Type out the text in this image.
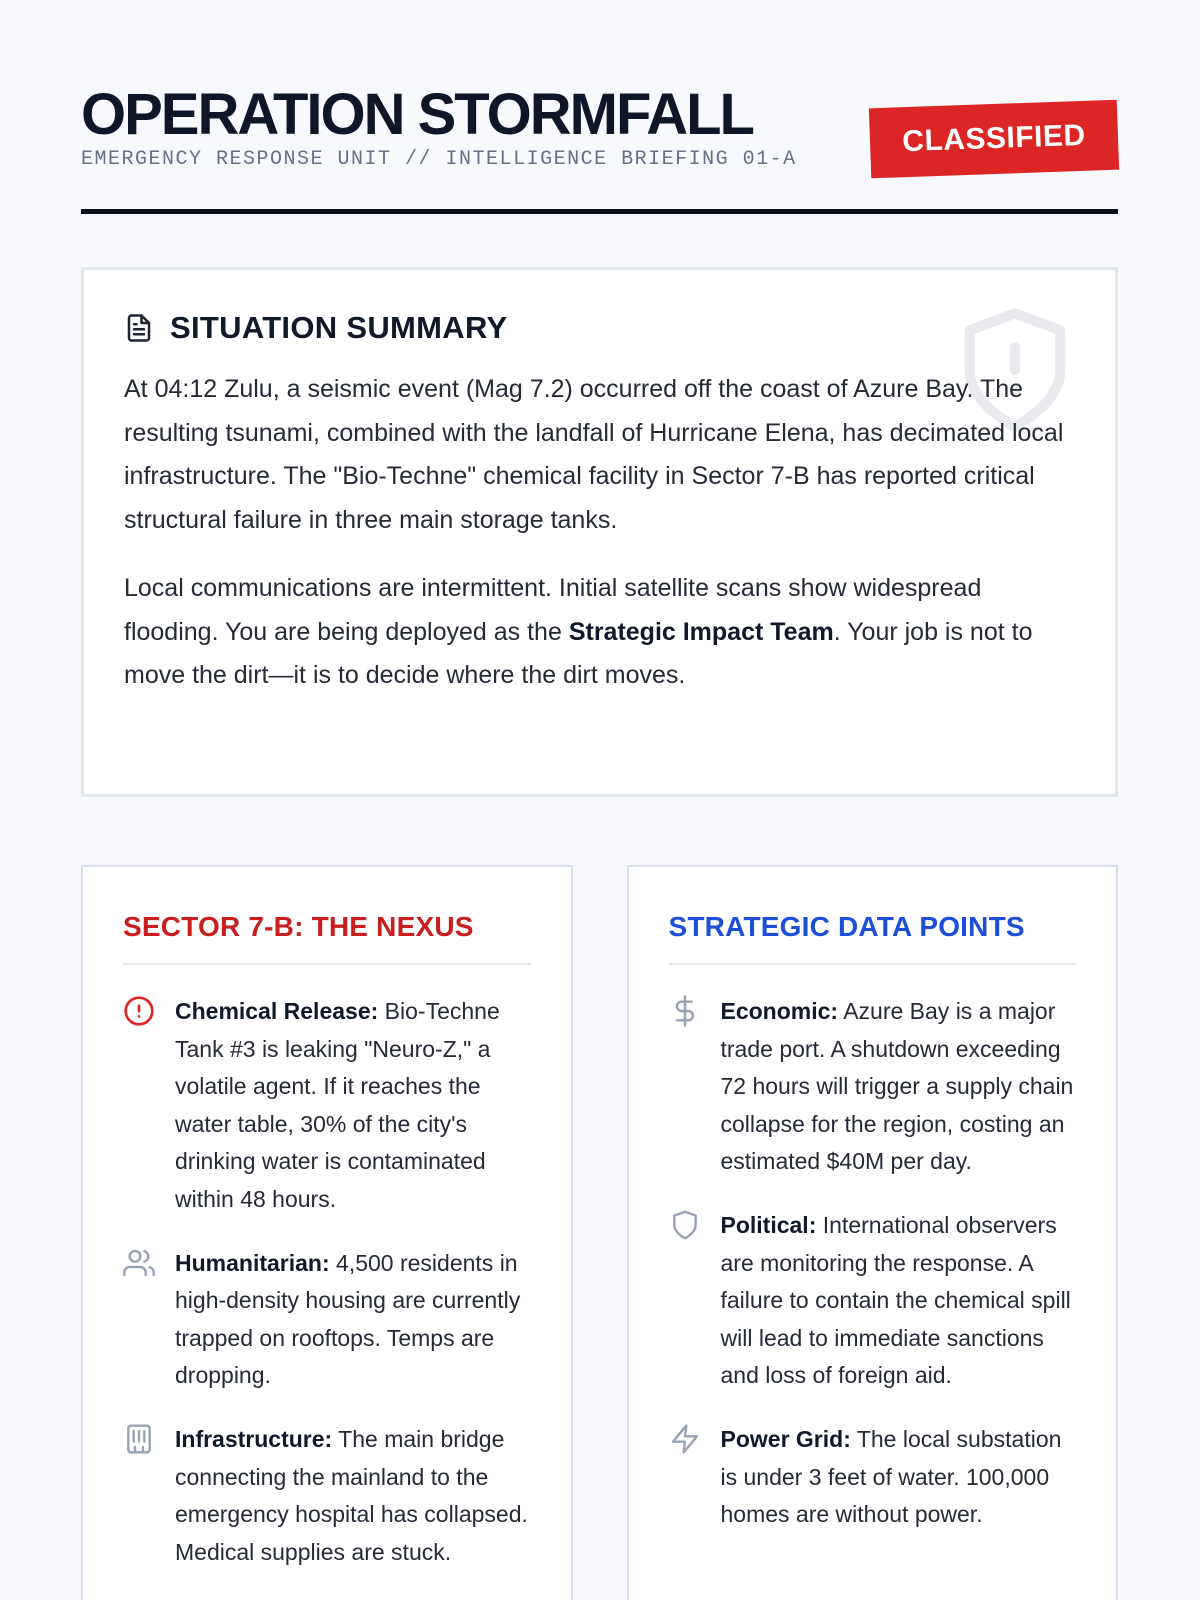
OPERATION STORMFALL
EMERGENCY RESPONSE UNIT // INTELLIGENCE BRIEFING 01-A
CLASSIFIED
SITUATION SUMMARY

At 04:12 Zulu, a seismic event (Mag 7.2) occurred off the coast of Azure Bay. The resulting tsunami, combined with the landfall of Hurricane Elena, has decimated local infrastructure. The "Bio-Techne" chemical facility in Sector 7-B has reported critical structural failure in three main storage tanks.

Local communications are intermittent. Initial satellite scans show widespread flooding. You are being deployed as the Strategic Impact Team. Your job is not to move the dirt—it is to decide where the dirt moves.

SECTOR 7-B: THE NEXUS
Chemical Release: Bio-Techne Tank #3 is leaking "Neuro-Z," a volatile agent. If it reaches the water table, 30% of the city's drinking water is contaminated within 48 hours.
Humanitarian: 4,500 residents in high-density housing are currently trapped on rooftops. Temps are dropping.
Infrastructure: The main bridge connecting the mainland to the emergency hospital has collapsed. Medical supplies are stuck.
STRATEGIC DATA POINTS
Economic: Azure Bay is a major trade port. A shutdown exceeding 72 hours will trigger a supply chain collapse for the region, costing an estimated $40M per day.
Political: International observers are monitoring the response. A failure to contain the chemical spill will lead to immediate sanctions and loss of foreign aid.
Power Grid: The local substation is under 3 feet of water. 100,000 homes are without power.
